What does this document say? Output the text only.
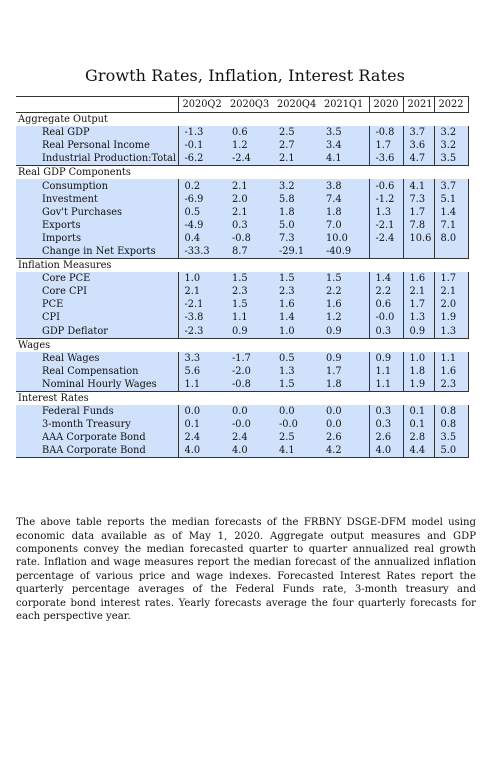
Growth Rates, Inflation, Interest Rates
	2020Q2	2020Q3	2020Q4	2021Q1	2020	2021	2022
Aggregate Output							
Real GDP	-1.3	0.6	2.5	3.5	-0.8	3.7	3.2
Real Personal Income	-0.1	1.2	2.7	3.4	1.7	3.6	3.2
Industrial Production:Total	-6.2	-2.4	2.1	4.1	-3.6	4.7	3.5
Real GDP Components							
Consumption	0.2	2.1	3.2	3.8	-0.6	4.1	3.7
Investment	-6.9	2.0	5.8	7.4	-1.2	7.3	5.1
Gov't Purchases	0.5	2.1	1.8	1.8	1.3	1.7	1.4
Exports	-4.9	0.3	5.0	7.0	-2.1	7.8	7.1
Imports	0.4	-0.8	7.3	10.0	-2.4	10.6	8.0
Change in Net Exports	-33.3	8.7	-29.1	-40.9			
Inflation Measures							
Core PCE	1.0	1.5	1.5	1.5	1.4	1.6	1.7
Core CPI	2.1	2.3	2.3	2.2	2.2	2.1	2.1
PCE	-2.1	1.5	1.6	1.6	0.6	1.7	2.0
CPI	-3.8	1.1	1.4	1.2	-0.0	1.3	1.9
GDP Deflator	-2.3	0.9	1.0	0.9	0.3	0.9	1.3
Wages							
Real Wages	3.3	-1.7	0.5	0.9	0.9	1.0	1.1
Real Compensation	5.6	-2.0	1.3	1.7	1.1	1.8	1.6
Nominal Hourly Wages	1.1	-0.8	1.5	1.8	1.1	1.9	2.3
Interest Rates							
Federal Funds	0.0	0.0	0.0	0.0	0.3	0.1	0.8
3-month Treasury	0.1	-0.0	-0.0	0.0	0.3	0.1	0.8
AAA Corporate Bond	2.4	2.4	2.5	2.6	2.6	2.8	3.5
BAA Corporate Bond	4.0	4.0	4.1	4.2	4.0	4.4	5.0

The above table reports the median forecasts of the FRBNY DSGE-DFM model using economic data available as of May 1, 2020. Aggregate output measures and GDP components convey the median forecasted quarter to quarter annualized real growth rate. Inflation and wage measures report the median forecast of the annualized inflation percentage of various price and wage indexes. Forecasted Interest Rates report the quarterly percentage averages of the Federal Funds rate, 3-month treasury and corporate bond interest rates. Yearly forecasts average the four quarterly forecasts for each perspective year.
